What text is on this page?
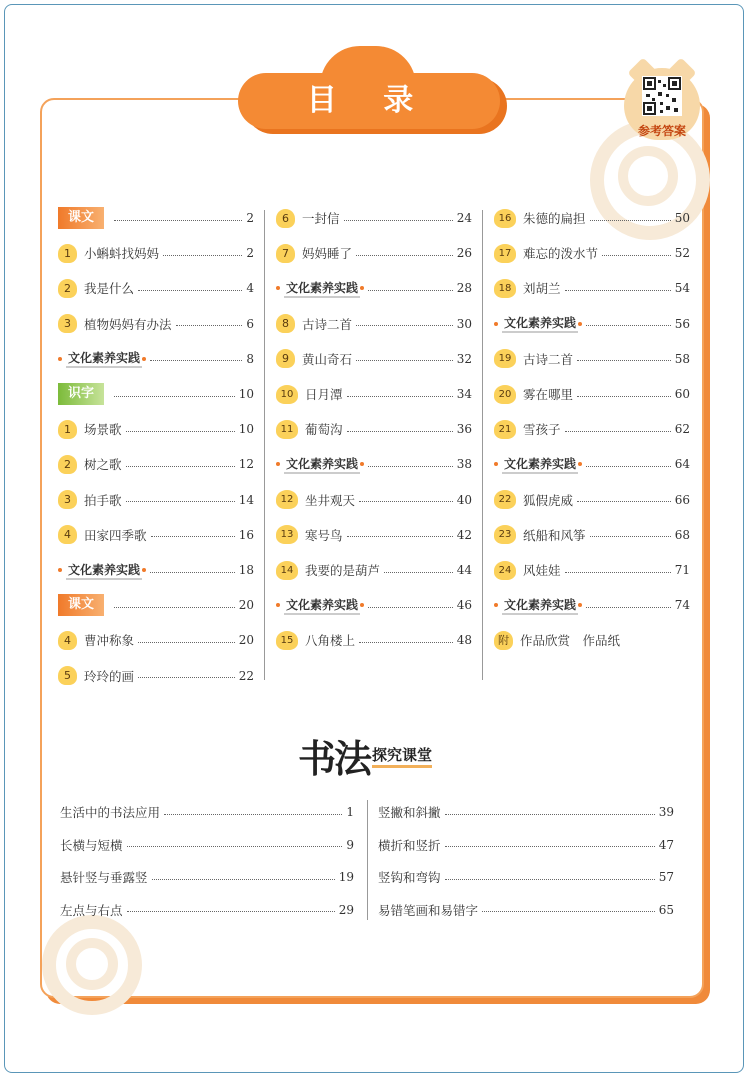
目 录
参考答案
课文	2
1	小蝌蚪找妈妈	2
2	我是什么	4
3	植物妈妈有办法	6
文化素养实践	8
识字	10
1	场景歌	10
2	树之歌	12
3	拍手歌	14
4	田家四季歌	16
文化素养实践	18
课文	20
4	曹冲称象	20
5	玲玲的画	22
6	一封信	24
7	妈妈睡了	26
文化素养实践	28
8	古诗二首	30
9	黄山奇石	32
10 日月潭	34
11 葡萄沟	36
文化素养实践	38
12 坐井观天	40
13 寒号鸟	42
14 我要的是葫芦	44
文化素养实践	46
15 八角楼上	48
16 朱德的扁担	50
17 难忘的泼水节	52
18 刘胡兰	54
文化素养实践	56
19 古诗二首	58
20 雾在哪里	60
21 雪孩子	62
文化素养实践	64
22 狐假虎威	66
23 纸船和风筝	68
24 风娃娃	71
文化素养实践	74
附 作品欣赏　作品纸
书法 探究课堂
生活中的书法应用	1
长横与短横	9
悬针竖与垂露竖	19
左点与右点	29
竖撇和斜撇	39
横折和竖折	47
竖钩和弯钩	57
易错笔画和易错字	65
